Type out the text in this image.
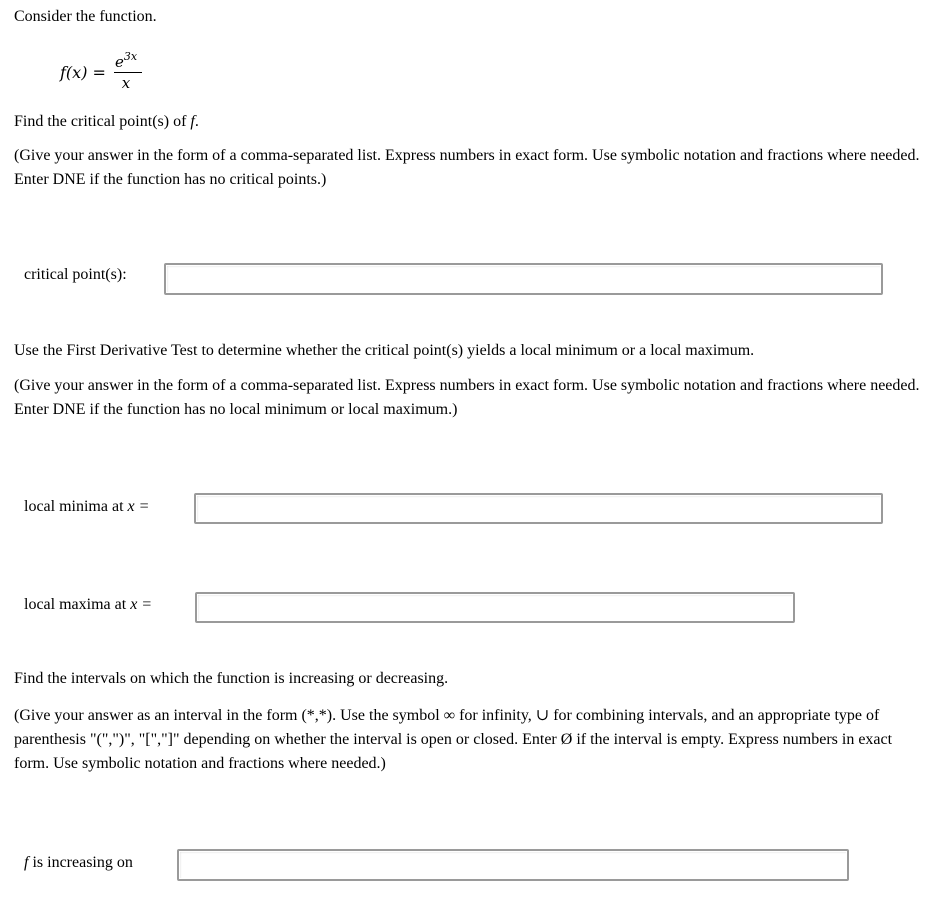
Consider the function.
f(x) =
$e^{3x}$
x
Find the critical point(s) of f.
(Give your answer in the form of a comma-separated list. Express numbers in exact form. Use symbolic notation and fractions where needed. Enter DNE if the function has no critical points.)
critical point(s):
Use the First Derivative Test to determine whether the critical point(s) yields a local minimum or a local maximum.
(Give your answer in the form of a comma-separated list. Express numbers in exact form. Use symbolic notation and fractions where needed. Enter DNE if the function has no local minimum or local maximum.)
local minima at x =
local maxima at x =
Find the intervals on which the function is increasing or decreasing.
(Give your answer as an interval in the form (*,*). Use the symbol ∞ for infinity, ∪ for combining intervals, and an appropriate type of parenthesis "(",")", "[","]" depending on whether the interval is open or closed. Enter Ø if the interval is empty. Express numbers in exact form. Use symbolic notation and fractions where needed.)
f is increasing on
